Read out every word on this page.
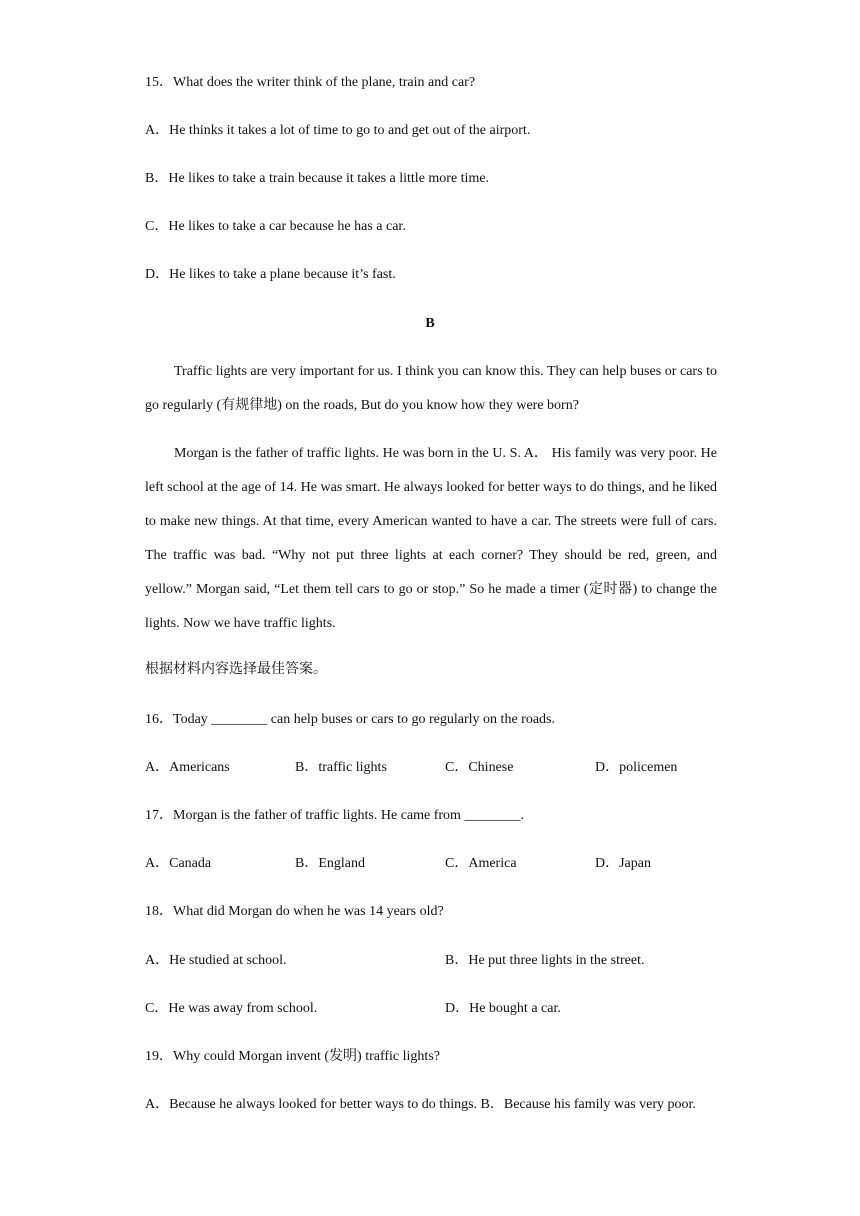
15．What does the writer think of the plane, train and car?
A．He thinks it takes a lot of time to go to and get out of the airport.
B．He likes to take a train because it takes a little more time.
C．He likes to take a car because he has a car.
D．He likes to take a plane because it’s fast.
B
Traffic lights are very important for us. I think you can know this. They can help buses or cars to go regularly (有规律地) on the roads, But do you know how they were born?
Morgan is the father of traffic lights. He was born in the U. S. A． His family was very poor. He left school at the age of 14. He was smart. He always looked for better ways to do things, and he liked to make new things. At that time, every American wanted to have a car. The streets were full of cars. The traffic was bad. “Why not put three lights at each corner? They should be red, green, and yellow.” Morgan said, “Let them tell cars to go or stop.” So he made a timer (定时器) to change the lights. Now we have traffic lights.
根据材料内容选择最佳答案。
16．Today ________ can help buses or cars to go regularly on the roads.
A．Americans	B．traffic lights	C．Chinese	D．policemen
17．Morgan is the father of traffic lights. He came from ________.
A．Canada	B．England	C．America	D．Japan
18．What did Morgan do when he was 14 years old?
A．He studied at school.	B．He put three lights in the street.
C．He was away from school.	D．He bought a car.
19．Why could Morgan invent (发明) traffic lights?
A．Because he always looked for better ways to do things. B．Because his family was very poor.
